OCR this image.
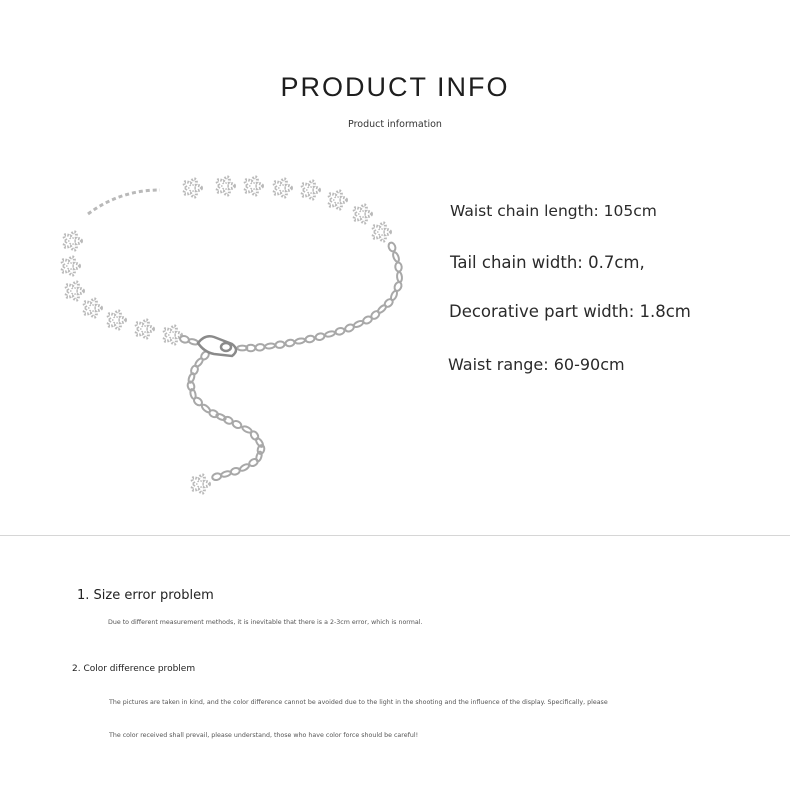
PRODUCT INFO
Product information
Waist chain length: 105cm
Tail chain width: 0.7cm,
Decorative part width: 1.8cm
Waist range: 60-90cm
1. Size error problem
Due to different measurement methods, it is inevitable that there is a 2-3cm error, which is normal.
2. Color difference problem
The pictures are taken in kind, and the color difference cannot be avoided due to the light in the shooting and the influence of the display. Specifically, please
The color received shall prevail, please understand, those who have color force should be careful!
